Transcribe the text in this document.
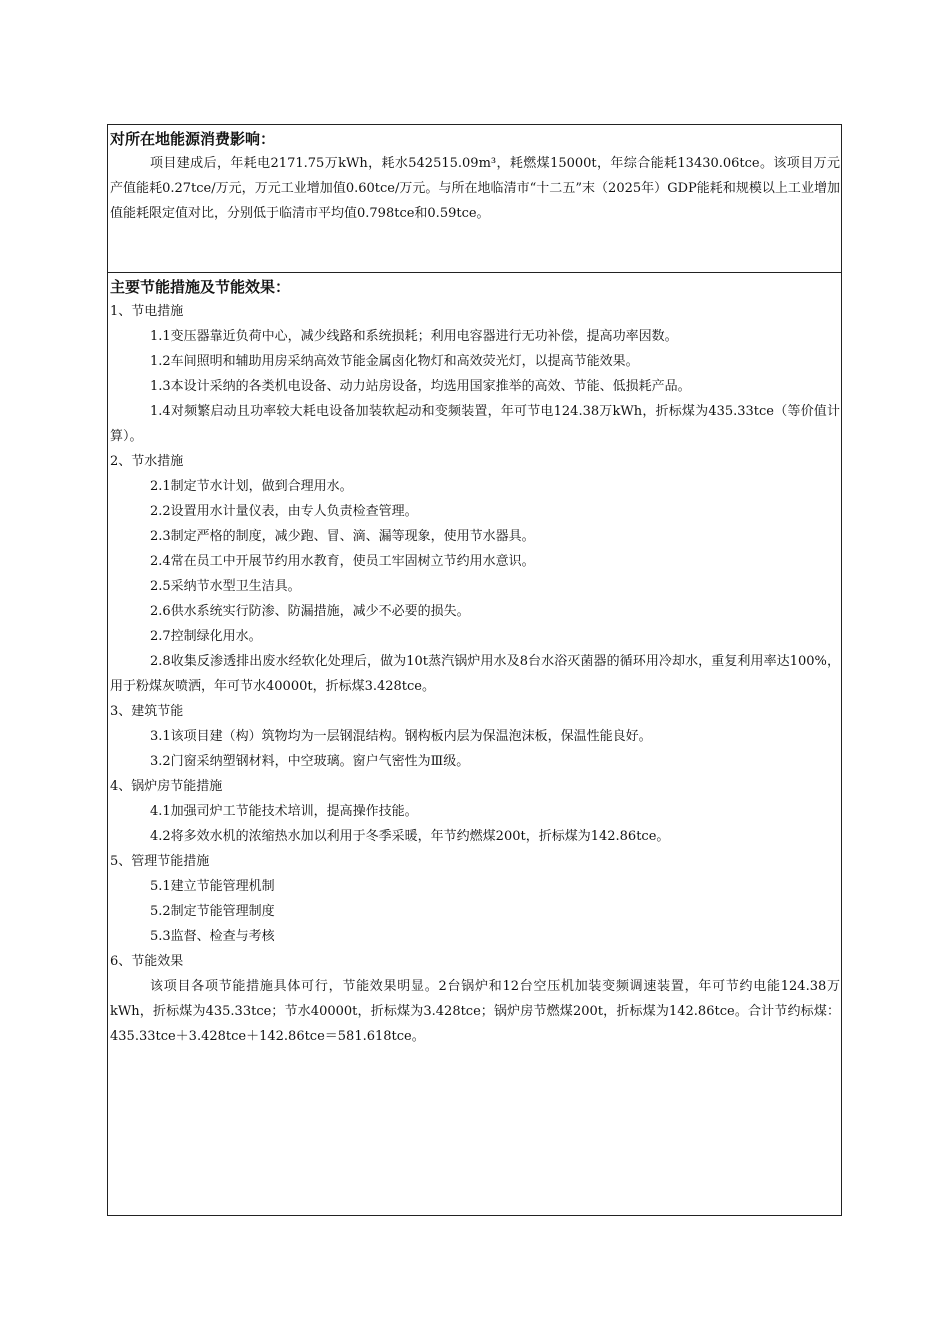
对所在地能源消费影响：

项目建成后，年耗电2171.75万kWh，耗水542515.09m³，耗燃煤15000t，年综合能耗13430.06tce。该项目万元产值能耗0.27tce/万元，万元工业增加值0.60tce/万元。与所在地临清市“十二五”末（2025年）GDP能耗和规模以上工业增加值能耗限定值对比，分别低于临清市平均值0.798tce和0.59tce。

主要节能措施及节能效果：

1、节电措施

1.1变压器靠近负荷中心，减少线路和系统损耗；利用电容器进行无功补偿，提高功率因数。

1.2车间照明和辅助用房采纳高效节能金属卤化物灯和高效荧光灯，以提高节能效果。

1.3本设计采纳的各类机电设备、动力站房设备，均选用国家推举的高效、节能、低损耗产品。

1.4对频繁启动且功率较大耗电设备加装软起动和变频装置，年可节电124.38万kWh，折标煤为435.33tce（等价值计算）。

2、节水措施

2.1制定节水计划，做到合理用水。

2.2设置用水计量仪表，由专人负责检查管理。

2.3制定严格的制度，减少跑、冒、滴、漏等现象，使用节水器具。

2.4常在员工中开展节约用水教育，使员工牢固树立节约用水意识。

2.5采纳节水型卫生洁具。

2.6供水系统实行防渗、防漏措施，减少不必要的损失。

2.7控制绿化用水。

2.8收集反渗透排出废水经软化处理后，做为10t蒸汽锅炉用水及8台水浴灭菌器的循环用冷却水，重复利用率达100%，用于粉煤灰喷洒，年可节水40000t，折标煤3.428tce。

3、建筑节能

3.1该项目建（构）筑物均为一层钢混结构。钢构板内层为保温泡沫板，保温性能良好。

3.2门窗采纳塑钢材料，中空玻璃。窗户气密性为Ⅲ级。

4、锅炉房节能措施

4.1加强司炉工节能技术培训，提高操作技能。

4.2将多效水机的浓缩热水加以利用于冬季采暖，年节约燃煤200t，折标煤为142.86tce。

5、管理节能措施

5.1建立节能管理机制

5.2制定节能管理制度

5.3监督、检查与考核

6、节能效果

该项目各项节能措施具体可行，节能效果明显。2台锅炉和12台空压机加装变频调速装置，年可节约电能124.38万kWh，折标煤为435.33tce；节水40000t，折标煤为3.428tce；锅炉房节燃煤200t，折标煤为142.86tce。合计节约标煤：435.33tce＋3.428tce＋142.86tce＝581.618tce。
